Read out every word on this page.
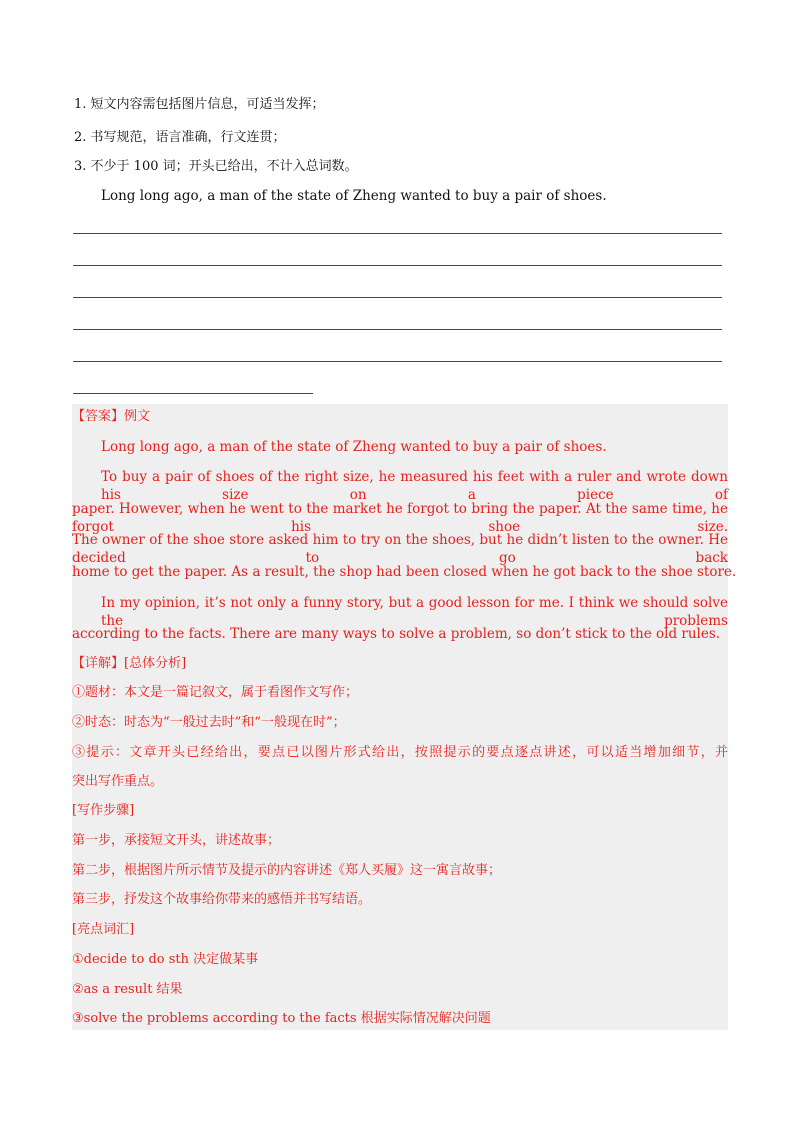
1. 短文内容需包括图片信息，可适当发挥；
2. 书写规范，语言准确，行文连贯；
3. 不少于 100 词；开头已给出，不计入总词数。
Long long ago, a man of the state of Zheng wanted to buy a pair of shoes.
【答案】例文
Long long ago, a man of the state of Zheng wanted to buy a pair of shoes.
To buy a pair of shoes of the right size, he measured his feet with a ruler and wrote down his size on a piece of
paper. However, when he went to the market he forgot to bring the paper. At the same time, he forgot his shoe size.
The owner of the shoe store asked him to try on the shoes, but he didn’t listen to the owner. He decided to go back
home to get the paper. As a result, the shop had been closed when he got back to the shoe store.
In my opinion, it’s not only a funny story, but a good lesson for me. I think we should solve the problems
according to the facts. There are many ways to solve a problem, so don’t stick to the old rules.
【详解】[总体分析]
①题材：本文是一篇记叙文，属于看图作文写作；
②时态：时态为“一般过去时”和“一般现在时”；
③提示：文章开头已经给出，要点已以图片形式给出，按照提示的要点逐点讲述，可以适当增加细节，并
突出写作重点。
[写作步骤]
第一步，承接短文开头，讲述故事；
第二步，根据图片所示情节及提示的内容讲述《郑人买履》这一寓言故事；
第三步，抒发这个故事给你带来的感悟并书写结语。
[亮点词汇]
①decide to do sth 决定做某事
②as a result 结果
③solve the problems according to the facts 根据实际情况解决问题
